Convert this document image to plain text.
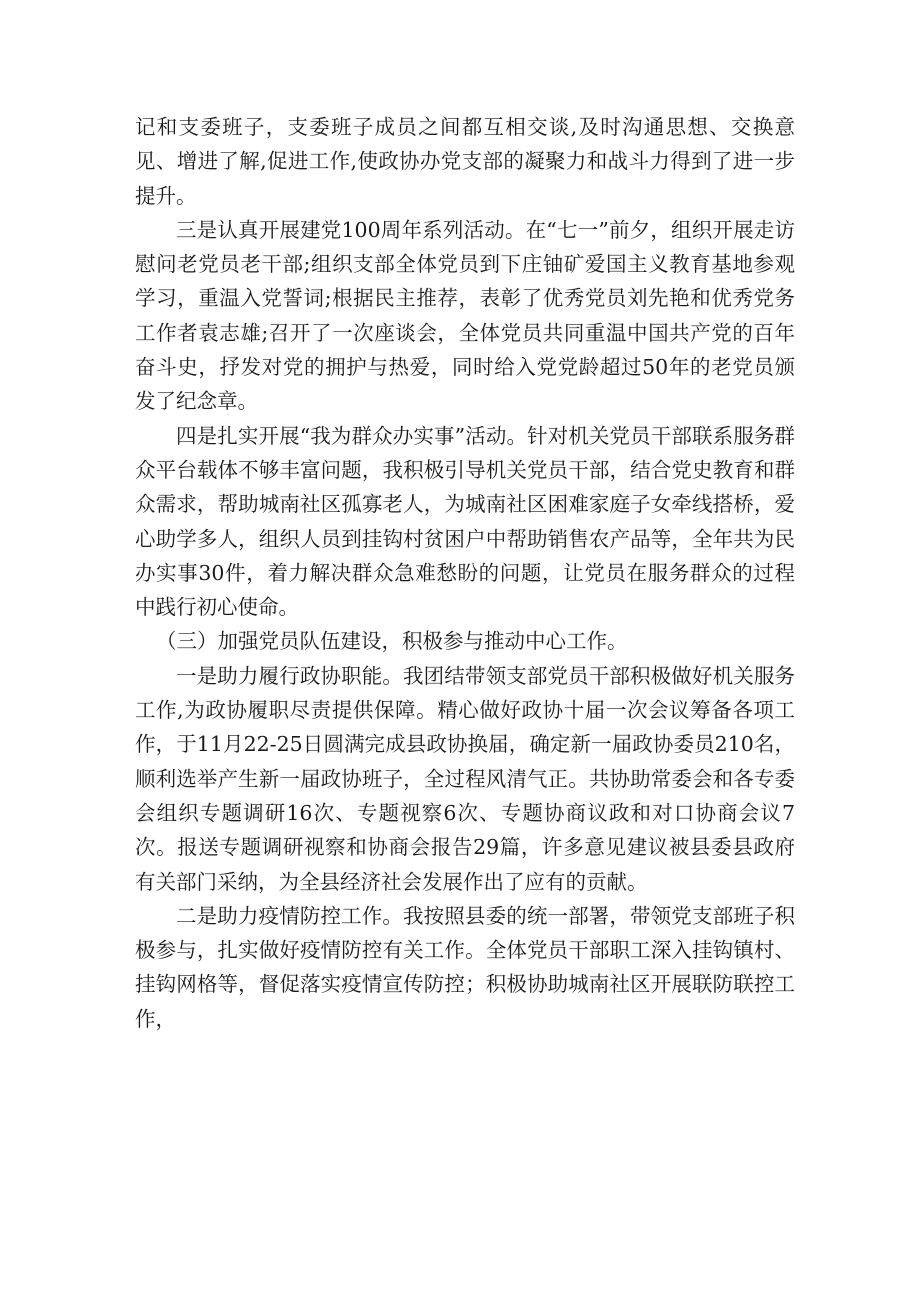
记和支委班子，支委班子成员之间都互相交谈,及时沟通思想、交换意见、增进了解,促进工作,使政协办党支部的凝聚力和战斗力得到了进一步提升。

三是认真开展建党100周年系列活动。在“七一”前夕，组织开展走访慰问老党员老干部;组织支部全体党员到下庄铀矿爱国主义教育基地参观学习，重温入党誓词;根据民主推荐，表彰了优秀党员刘先艳和优秀党务工作者袁志雄;召开了一次座谈会，全体党员共同重温中国共产党的百年奋斗史，抒发对党的拥护与热爱，同时给入党党龄超过50年的老党员颁发了纪念章。

四是扎实开展“我为群众办实事”活动。针对机关党员干部联系服务群众平台载体不够丰富问题，我积极引导机关党员干部，结合党史教育和群众需求，帮助城南社区孤寡老人，为城南社区困难家庭子女牵线搭桥，爱心助学多人，组织人员到挂钩村贫困户中帮助销售农产品等，全年共为民办实事30件，着力解决群众急难愁盼的问题，让党员在服务群众的过程中践行初心使命。

（三）加强党员队伍建设，积极参与推动中心工作。

一是助力履行政协职能。我团结带领支部党员干部积极做好机关服务工作,为政协履职尽责提供保障。精心做好政协十届一次会议筹备各项工作，于11月22-25日圆满完成县政协换届，确定新一届政协委员210名，顺利选举产生新一届政协班子，全过程风清气正。共协助常委会和各专委会组织专题调研16次、专题视察6次、专题协商议政和对口协商会议7次。报送专题调研视察和协商会报告29篇，许多意见建议被县委县政府有关部门采纳，为全县经济社会发展作出了应有的贡献。

二是助力疫情防控工作。我按照县委的统一部署，带领党支部班子积极参与，扎实做好疫情防控有关工作。全体党员干部职工深入挂钩镇村、挂钩网格等，督促落实疫情宣传防控；积极协助城南社区开展联防联控工作，
